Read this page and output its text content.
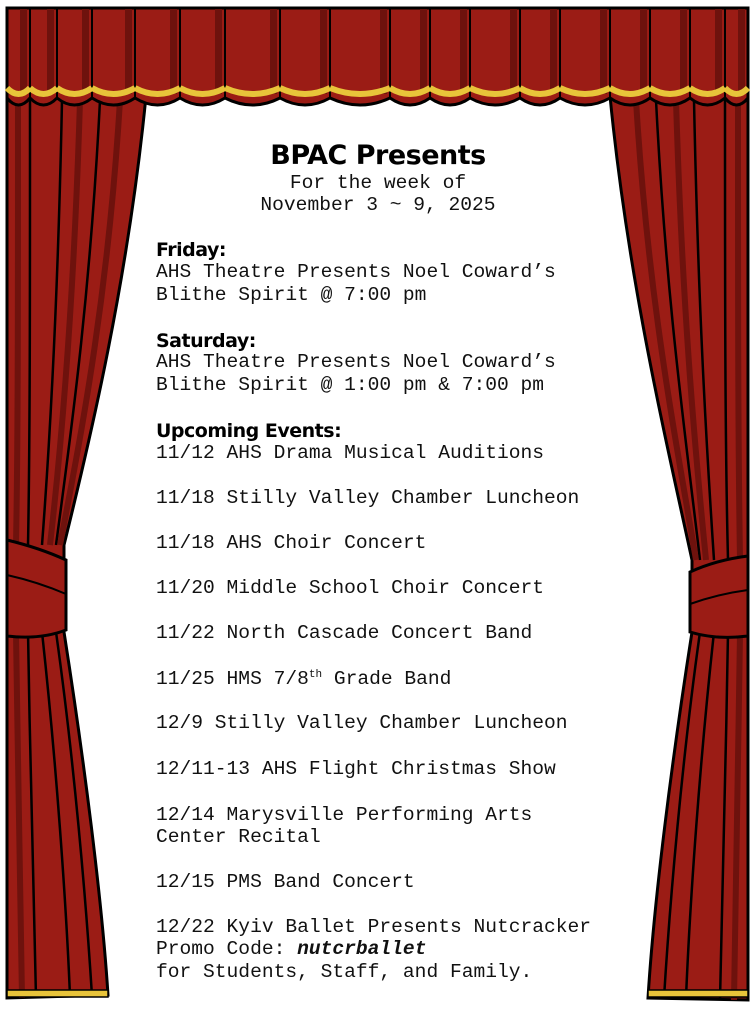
BPAC Presents
For the week of
November 3 ~ 9, 2025
Friday:
AHS Theatre Presents Noel Coward’s
Blithe Spirit @ 7:00 pm
Saturday:
AHS Theatre Presents Noel Coward’s
Blithe Spirit @ 1:00 pm & 7:00 pm
Upcoming Events:
11/12 AHS Drama Musical Auditions
11/18 Stilly Valley Chamber Luncheon
11/18 AHS Choir Concert
11/20 Middle School Choir Concert
11/22 North Cascade Concert Band
11/25 HMS 7/8th Grade Band
12/9 Stilly Valley Chamber Luncheon
12/11-13 AHS Flight Christmas Show
12/14 Marysville Performing Arts
Center Recital
12/15 PMS Band Concert
12/22 Kyiv Ballet Presents Nutcracker
Promo Code: nutcrballet
for Students, Staff, and Family.
